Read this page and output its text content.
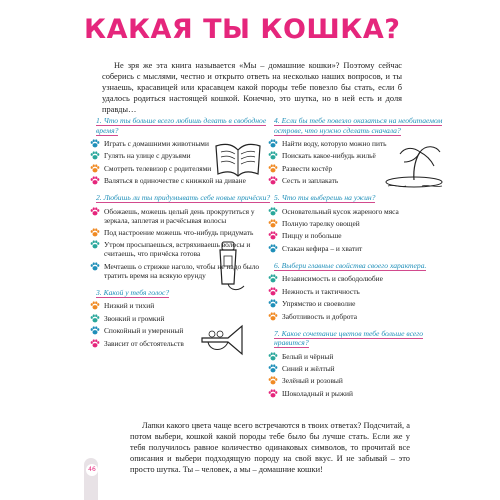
КАКАЯ ТЫ КОШКА?
Не зря же эта книга называется «Мы – домашние кошки»? Поэтому сейчас соберись с мыслями, честно и открыто ответь на несколько наших вопросов, и ты узнаешь, красавицей или красавцем какой породы тебе повезло бы стать, если б удалось родиться настоящей кошкой. Конечно, это шутка, но в ней есть и доля правды…
1. Что ты больше всего любишь делать в свободное время?
Играть с домашними животными
Гулять на улице с друзьями
Смотреть телевизор с родителями
Валяться в одиночестве с книжкой на диване
2. Любишь ли ты придумывать себе новые причёски?
Обожаешь, можешь целый день прокрутиться у зеркала, заплетая и расчёсывая волосы
Под настроение можешь что-нибудь придумать
Утром просыпаешься, встряхиваешь волосы и считаешь, что причёска готова
Мечтаешь о стрижке наголо, чтобы не надо было тратить время на всякую ерунду
3. Какой у тебя голос?
Низкий и тихий
Звонкий и громкий
Спокойный и умеренный
Зависит от обстоятельств
4. Если бы тебе повезло оказаться на необитаемом острове, что нужно сделать сначала?
Найти воду, которую можно пить
Поискать какое-нибудь жильё
Развести костёр
Сесть и заплакать
5. Что ты выберешь на ужин?
Основательный кусок жареного мяса
Полную тарелку овощей
Пиццу и побольше
Стакан кефира – и хватит
6. Выбери главные свойства своего характера.
Независимость и свободолюбие
Нежность и тактичность
Упрямство и своеволие
Заботливость и доброта
7. Какое сочетание цветов тебе больше всего нравится?
Белый и чёрный
Синий и жёлтый
Зелёный и розовый
Шоколадный и рыжий
Лапки какого цвета чаще всего встречаются в твоих ответах? Подсчитай, а потом выбери, кошкой какой породы тебе было бы лучше стать. Если же у тебя получилось равное количество одинаковых символов, то прочитай все описания и выбери подходящую породу на свой вкус. И не забывай – это просто шутка. Ты – человек, а мы – домашние кошки!
46
